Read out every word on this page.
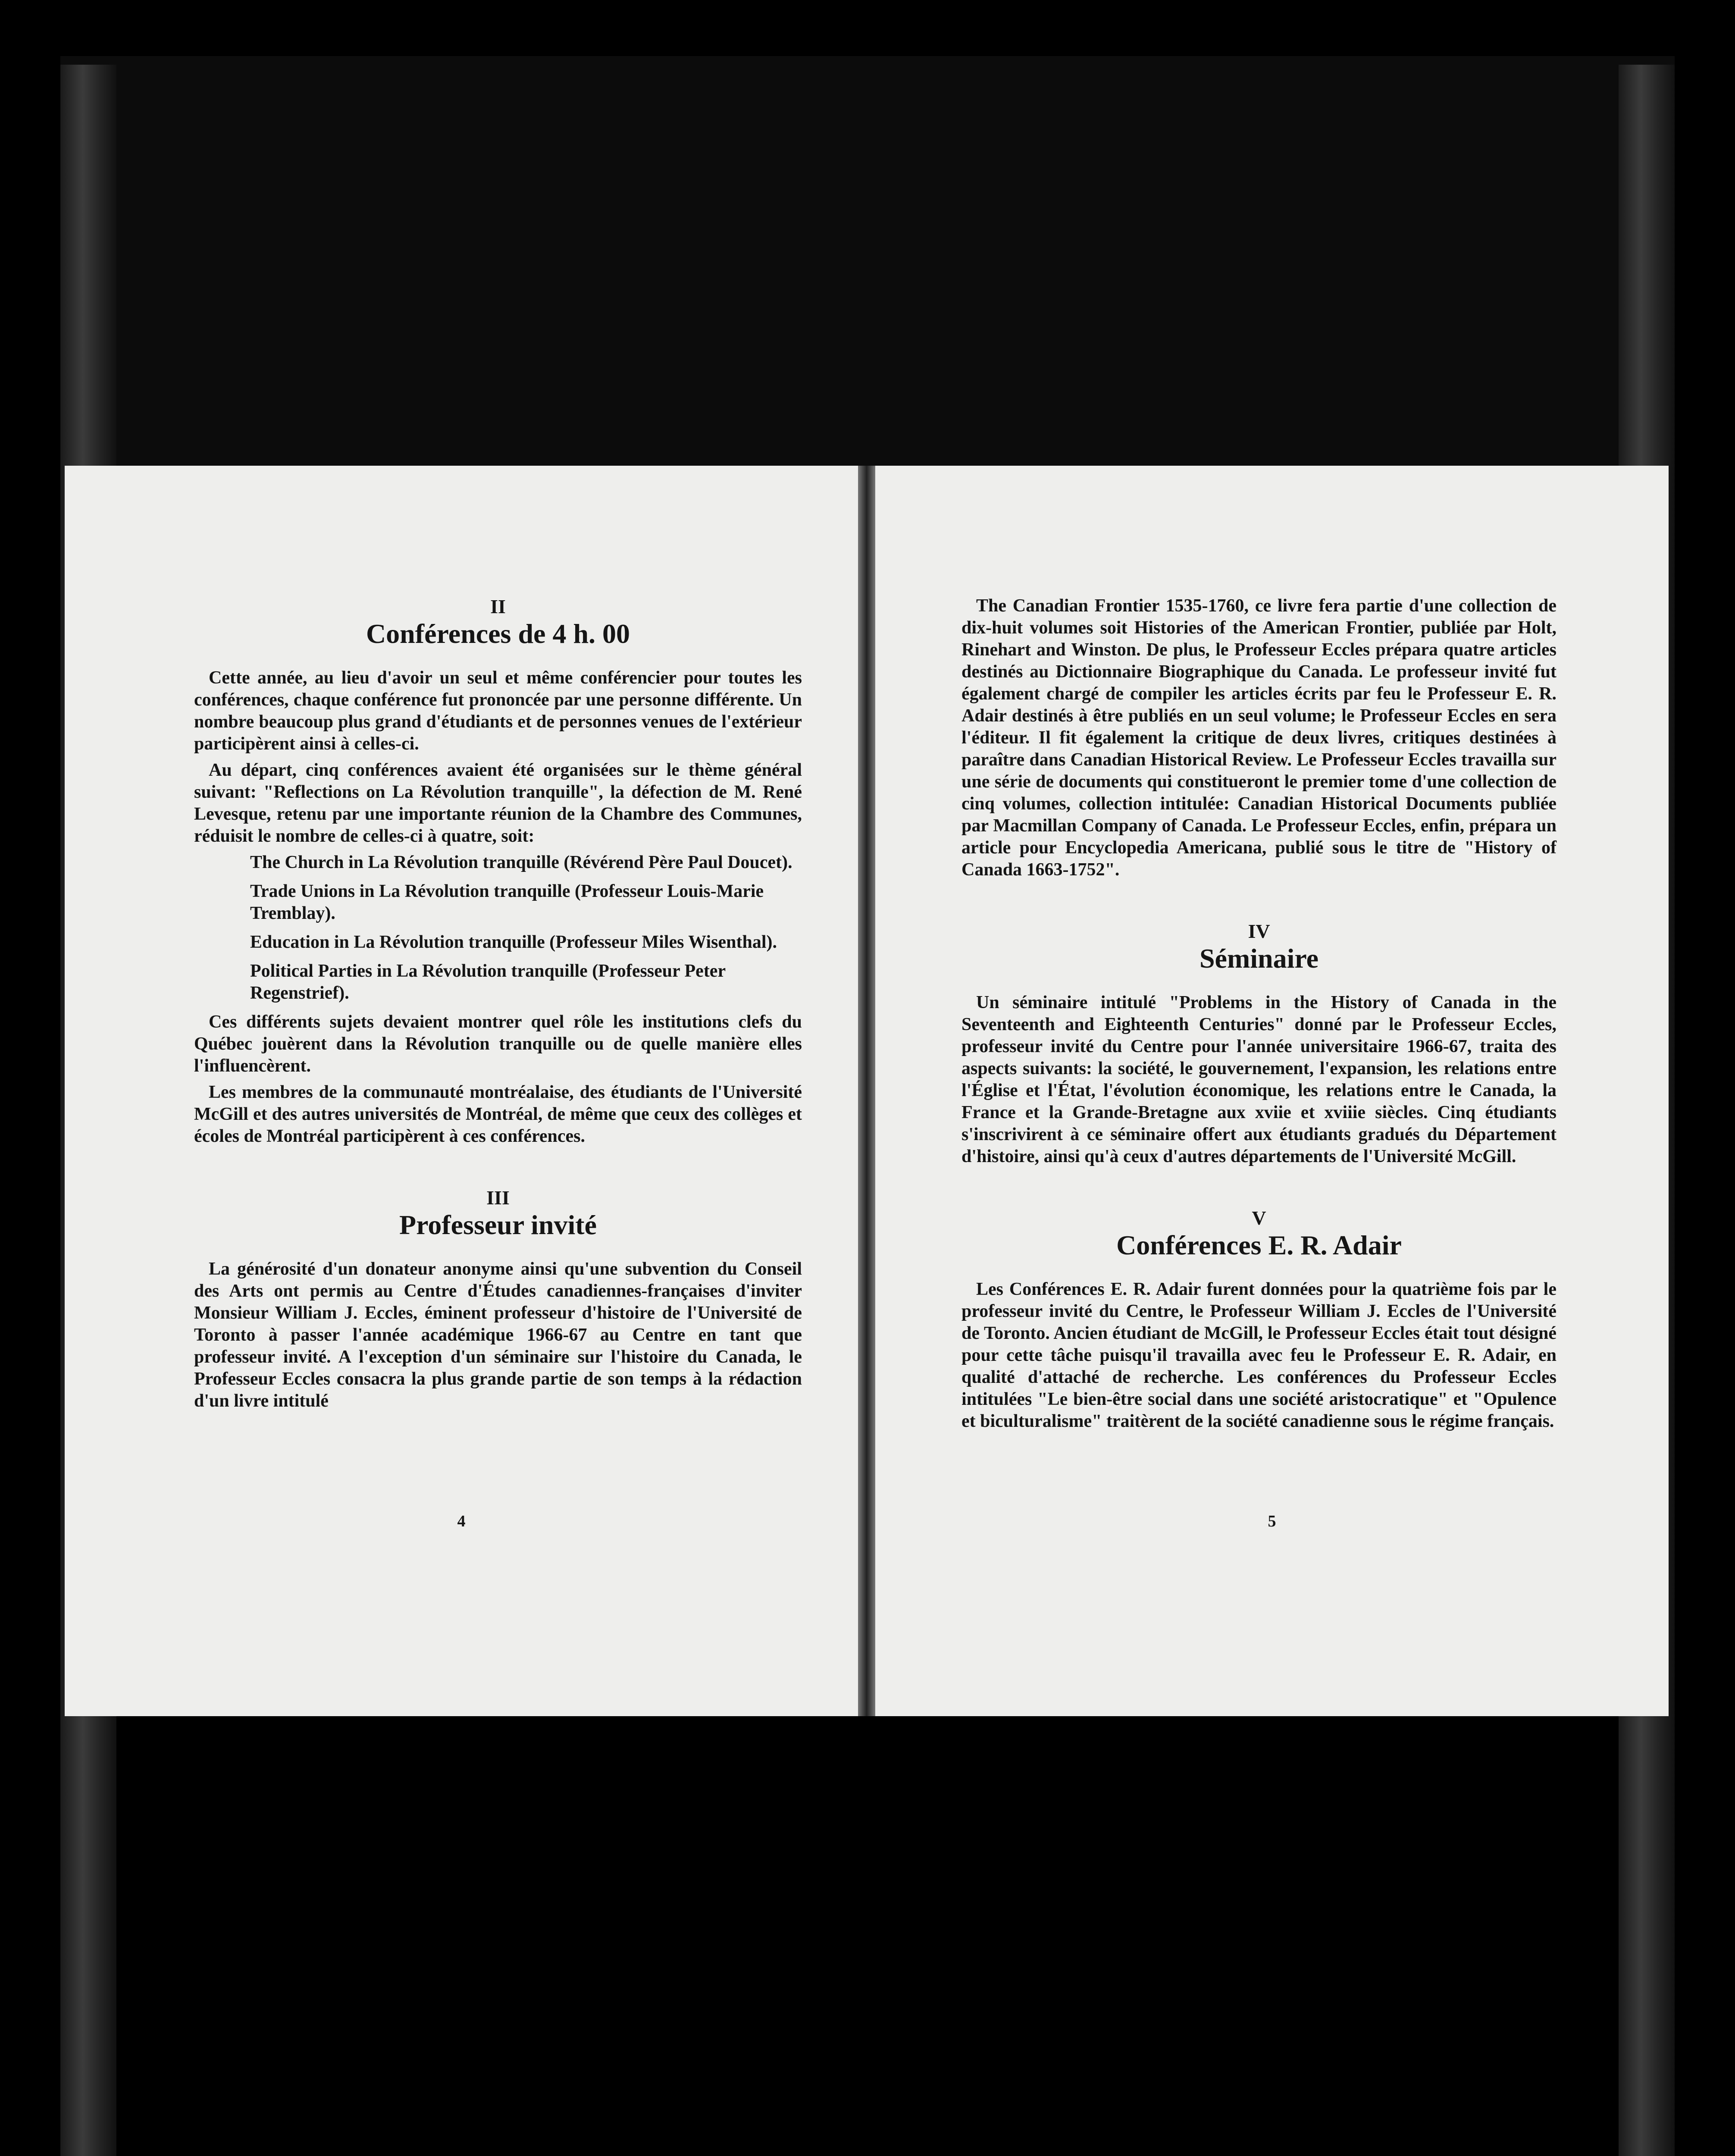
II

Conférences de 4 h. 00

Cette année, au lieu d'avoir un seul et même conférencier pour toutes les conférences, chaque conférence fut prononcée par une personne différente. Un nombre beaucoup plus grand d'étudiants et de personnes venues de l'extérieur participèrent ainsi à celles-ci.

Au départ, cinq conférences avaient été organisées sur le thème général suivant: "Reflections on La Révolution tranquille", la défection de M. René Levesque, retenu par une importante réunion de la Chambre des Communes, réduisit le nombre de celles-ci à quatre, soit:

The Church in La Révolution tranquille (Révérend Père Paul Doucet).
Trade Unions in La Révolution tranquille (Professeur Louis-Marie Tremblay).
Education in La Révolution tranquille (Professeur Miles Wisenthal).
Political Parties in La Révolution tranquille (Professeur Peter Regenstrief).

Ces différents sujets devaient montrer quel rôle les institutions clefs du Québec jouèrent dans la Révolution tranquille ou de quelle manière elles l'influencèrent.

Les membres de la communauté montréalaise, des étudiants de l'Université McGill et des autres universités de Montréal, de même que ceux des collèges et écoles de Montréal participèrent à ces conférences.

III

Professeur invité

La générosité d'un donateur anonyme ainsi qu'une subvention du Conseil des Arts ont permis au Centre d'Études canadiennes-françaises d'inviter Monsieur William J. Eccles, éminent professeur d'histoire de l'Université de Toronto à passer l'année académique 1966-67 au Centre en tant que professeur invité. A l'exception d'un séminaire sur l'histoire du Canada, le Professeur Eccles consacra la plus grande partie de son temps à la rédaction d'un livre intitulé

4

The Canadian Frontier 1535-1760, ce livre fera partie d'une collection de dix-huit volumes soit Histories of the American Frontier, publiée par Holt, Rinehart and Winston. De plus, le Professeur Eccles prépara quatre articles destinés au Dictionnaire Biographique du Canada. Le professeur invité fut également chargé de compiler les articles écrits par feu le Professeur E. R. Adair destinés à être publiés en un seul volume; le Professeur Eccles en sera l'éditeur. Il fit également la critique de deux livres, critiques destinées à paraître dans Canadian Historical Review. Le Professeur Eccles travailla sur une série de documents qui constitueront le premier tome d'une collection de cinq volumes, collection intitulée: Canadian Historical Documents publiée par Macmillan Company of Canada. Le Professeur Eccles, enfin, prépara un article pour Encyclopedia Americana, publié sous le titre de "History of Canada 1663-1752".

IV

Séminaire

Un séminaire intitulé "Problems in the History of Canada in the Seventeenth and Eighteenth Centuries" donné par le Professeur Eccles, professeur invité du Centre pour l'année universitaire 1966-67, traita des aspects suivants: la société, le gouvernement, l'expansion, les relations entre l'Église et l'État, l'évolution économique, les relations entre le Canada, la France et la Grande-Bretagne aux xviie et xviiie siècles. Cinq étudiants s'inscrivirent à ce séminaire offert aux étudiants gradués du Département d'histoire, ainsi qu'à ceux d'autres départements de l'Université McGill.

V

Conférences E. R. Adair

Les Conférences E. R. Adair furent données pour la quatrième fois par le professeur invité du Centre, le Professeur William J. Eccles de l'Université de Toronto. Ancien étudiant de McGill, le Professeur Eccles était tout désigné pour cette tâche puisqu'il travailla avec feu le Professeur E. R. Adair, en qualité d'attaché de recherche. Les conférences du Professeur Eccles intitulées "Le bien-être social dans une société aristocratique" et "Opulence et biculturalisme" traitèrent de la société canadienne sous le régime français.

5
